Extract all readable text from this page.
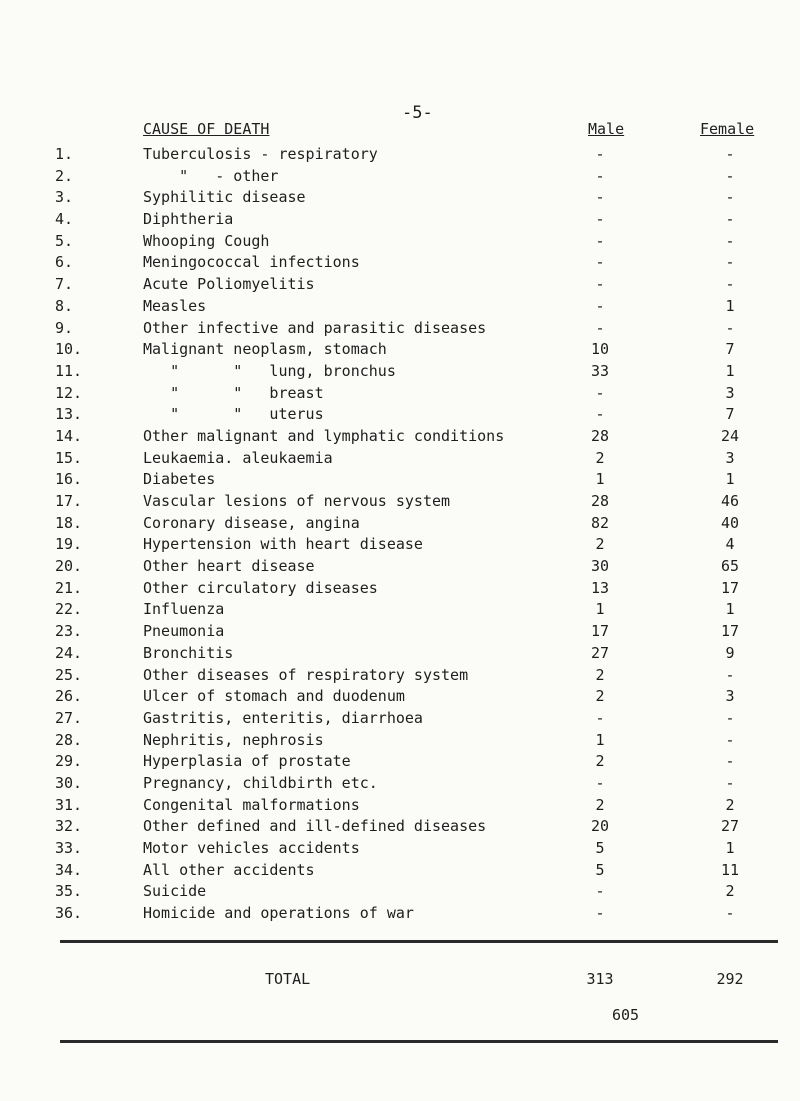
-5-
CAUSE OF DEATH	Male	Female
1.	Tuberculosis - respiratory	-	-
2.	"   - other	-	-
3.	Syphilitic disease	-	-
4.	Diphtheria	-	-
5.	Whooping Cough	-	-
6.	Meningococcal infections	-	-
7.	Acute Poliomyelitis	-	-
8.	Measles	-	1
9.	Other infective and parasitic diseases	-	-
10.	Malignant neoplasm, stomach	10	7
11.	"      "   lung, bronchus	33	1
12.	"      "   breast	-	3
13.	"      "   uterus	-	7
14.	Other malignant and lymphatic conditions	28	24
15.	Leukaemia. aleukaemia	2	3
16.	Diabetes	1	1
17.	Vascular lesions of nervous system	28	46
18.	Coronary disease, angina	82	40
19.	Hypertension with heart disease	2	4
20.	Other heart disease	30	65
21.	Other circulatory diseases	13	17
22.	Influenza	1	1
23.	Pneumonia	17	17
24.	Bronchitis	27	9
25.	Other diseases of respiratory system	2	-
26.	Ulcer of stomach and duodenum	2	3
27.	Gastritis, enteritis, diarrhoea	-	-
28.	Nephritis, nephrosis	1	-
29.	Hyperplasia of prostate	2	-
30.	Pregnancy, childbirth etc.	-	-
31.	Congenital malformations	2	2
32.	Other defined and ill-defined diseases	20	27
33.	Motor vehicles accidents	5	1
34.	All other accidents	5	11
35.	Suicide	-	2
36.	Homicide and operations of war	-	-
TOTAL	313	292
605
